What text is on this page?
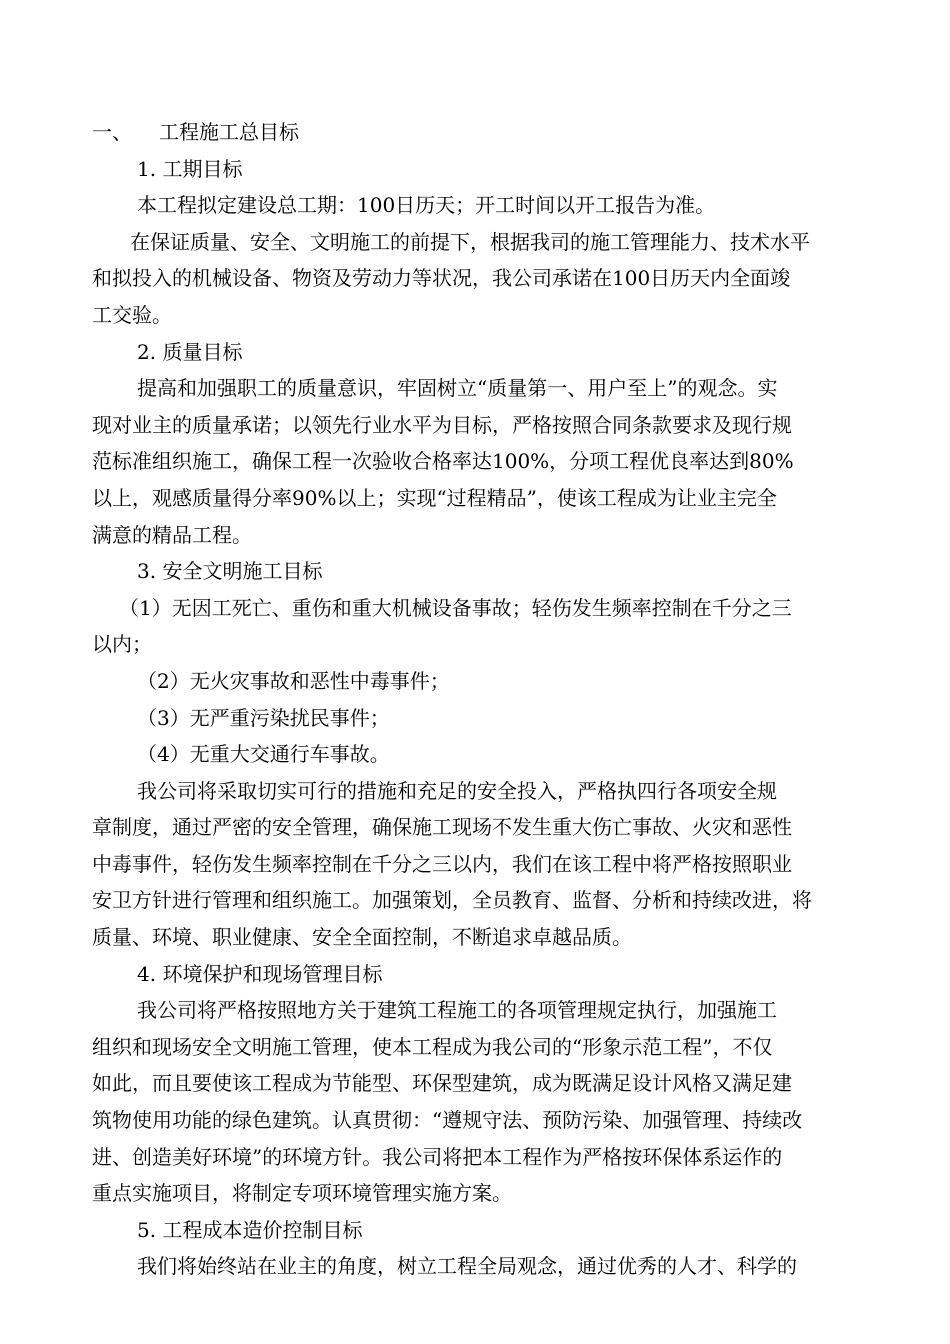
一、 工程施工总目标
1. 工期目标
本工程拟定建设总工期：100日历天；开工时间以开工报告为准。
在保证质量、安全、文明施工的前提下，根据我司的施工管理能力、技术水平
和拟投入的机械设备、物资及劳动力等状况，我公司承诺在100日历天内全面竣
工交验。
2. 质量目标
提高和加强职工的质量意识，牢固树立“质量第一、用户至上”的观念。实
现对业主的质量承诺；以领先行业水平为目标，严格按照合同条款要求及现行规
范标准组织施工，确保工程一次验收合格率达100%，分项工程优良率达到80%
以上，观感质量得分率90%以上；实现“过程精品”，使该工程成为让业主完全
满意的精品工程。
3. 安全文明施工目标
（1）无因工死亡、重伤和重大机械设备事故；轻伤发生频率控制在千分之三
以内；
（2）无火灾事故和恶性中毒事件；
（3）无严重污染扰民事件；
（4）无重大交通行车事故。
我公司将采取切实可行的措施和充足的安全投入，严格执四行各项安全规
章制度，通过严密的安全管理，确保施工现场不发生重大伤亡事故、火灾和恶性
中毒事件，轻伤发生频率控制在千分之三以内，我们在该工程中将严格按照职业
安卫方针进行管理和组织施工。加强策划，全员教育、监督、分析和持续改进，将
质量、环境、职业健康、安全全面控制，不断追求卓越品质。
4. 环境保护和现场管理目标
我公司将严格按照地方关于建筑工程施工的各项管理规定执行，加强施工
组织和现场安全文明施工管理，使本工程成为我公司的“形象示范工程”，不仅
如此，而且要使该工程成为节能型、环保型建筑，成为既满足设计风格又满足建
筑物使用功能的绿色建筑。认真贯彻：“遵规守法、预防污染、加强管理、持续改
进、创造美好环境”的环境方针。我公司将把本工程作为严格按环保体系运作的
重点实施项目，将制定专项环境管理实施方案。
5. 工程成本造价控制目标
我们将始终站在业主的角度，树立工程全局观念，通过优秀的人才、科学的
